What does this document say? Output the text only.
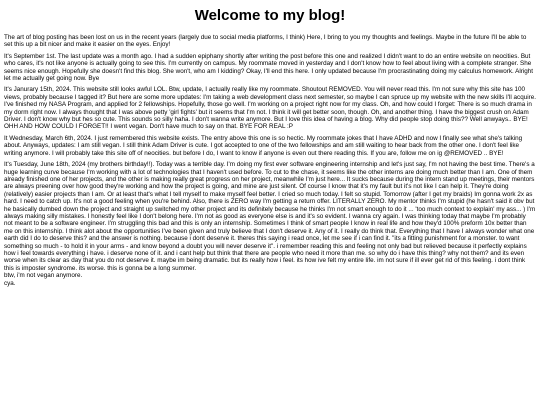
Welcome to my blog!

The art of blog posting has been lost on us in the recent years (largely due to social media platforms, I think) Here, I bring to you my thoughts and feelings. Maybe in the future I'll be able to set this up a bit nicer and make it easier on the eyes. Enjoy!

It's September 1st. The last update was a month ago. I had a sudden epiphany shortly after writing the post before this one and realized I didn't want to do an entire website on neocities. But who cares, it's not like anyone is actually going to see this. I'm currently on campus. My roommate moved in yesterday and I don't know how to feel about living with a complete stranger. She seems nice enough. Hopefully she doesn't find this blog. She won't, who am I kidding? Okay, I'll end this here. I only updated because I'm procrastinating doing my calculus homework. Alright let me actually get going now. Bye

It's Janurary 15th, 2024. This website still looks awful LOL. Btw, update, I actually really like my roommate. Shoutout REMOVED. You will never read this. I'm not sure why this site has 100 views, probably because I tagged it? But here are some more updates: I'm taking a web development class next semester, so maybe I can spruce up my website with the new skills I'll acquire. I've finished my NASA Program, and applied for 2 fellowships. Hopefully, those go well. I'm working on a project right now for my class. Oh, and how could I forget: There is so much drama in my dorm right now. I always thought that I was above petty 'girl fights' but it seems that I'm not. I think it will get better soon, though. Oh, and another thing. I have the biggest crush on Adam Driver. I don't know why but hes so cute. This sounds so silly haha. I don't wanna write anymore. But I love this idea of having a blog. Why did people stop doing this?? Well anwyays.. BYE! OHH AND HOW COULD I FORGET!! I went vegan. Don't have much to say on that. BYE FOR REAL :P

It Wednesday, March 6th, 2024. I just remembered this website exists. The entry above this one is so hectic. My roommate jokes that I have ADHD and now I finally see what she's talking about. Anyways, updates: I am still vegan. I still think Adam Driver is cute. I got accepted to one of the two fellowships and am still waiting to hear back from the other one. I don't feel like writing anymore. I will probably take this site off of neocities. but before I do, I want to know if anyone is even out there reading this. If you are, follow me on ig @REMOVED .. BYE!

It's Tuesday, June 18th, 2024 (my brothers birthday!!). Today was a terrible day. I'm doing my first ever software engineering internship and let's just say, I'm not having the best time. There's a huge learning curve because I'm working with a lot of technologies that I haven't used before. To cut to the chase, it seems like the other interns are doing much better than I am. One of them already finished one of her projects, and the other is making really great progress on her project, meanwhile I'm just here... It sucks because during the intern stand up meetings, their mentors are always preening over how good they're working and how the project is going, and mine are just silent. Of course I know that it's my fault but it's not like I can help it. They're doing (relatively) easier projects than I am. Or at least that's what I tell myself to make myself feel better. I cried so much today. I felt so stupid. Tomorrow (after I get my braids) Im gonna work 2x as hard. I need to catch up. It's not a good feeling when you're behind. Also, there is ZERO way I'm getting a return offer. LITERALLY ZERO. My mentor thinks I'm stupid (he hasn't said it obv but he basically dumbed down the project and straight up switched my other project and its definitely because he thinks I'm not smart enough to do it ... 'too much context to explain' my ass... ) I'm always making silly mistakes. I honestly feel like I don't belong here. I'm not as good as everyone else is and it's so evident. I wanna cry again. I was thinking today that maybe I'm probably not meant to be a software engineer. I'm struggling this bad and this is only an internship. Sometimes I think of smart people I know in real life and how they'd 100% preform 10x better than me on this internship. I think alot about the opportunities I've been given and truly believe that I don't deserve it. Any of it. I really do think that. Everything that I have I always wonder what one earth did I do to deserve this? and the answer is nothing. because i dont deserve it. theres this saying i read once, let me see if i can find it. "its a fitting punishment for a monster. to want something so much - to hold it in your arms - and know beyond a doubt you will never deserve it". i remember reading this and feeling not only bad but relieved because it perfectly explains how i feel towards everything i have. i deserve none of it. and i cant help but think that there are people who need it more than me. so why do i have this thing? why not them? and its even worse when its clear as day that you do not deserve it. maybe im being dramatic. but its really how i feel. its how ive felt my entire life. im not sure if ill ever get rid of this feeling. i dont think this is imposter syndrome. its worse. this is gonna be a long summer.

btw, i'm not vegan anymore.

cya.
